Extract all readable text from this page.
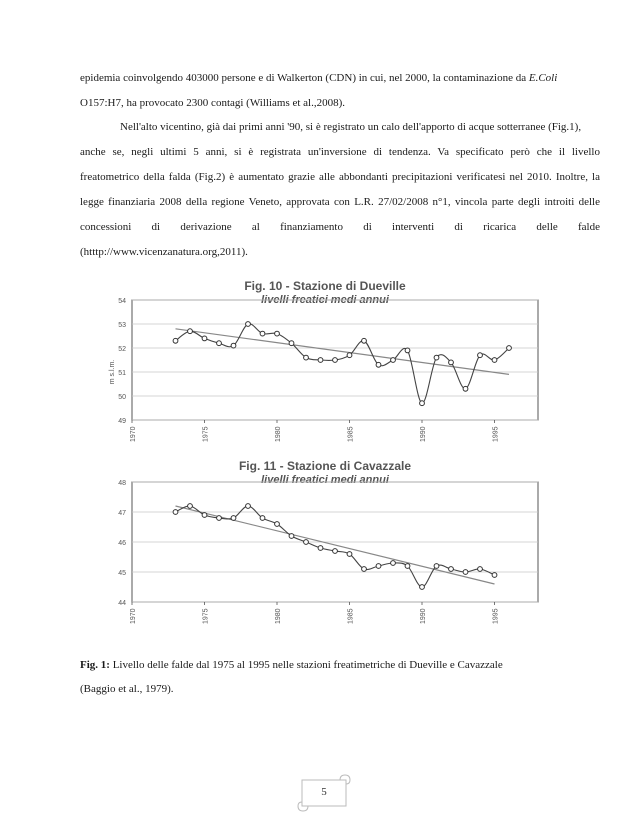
epidemia coinvolgendo 403000 persone e di Walkerton (CDN) in cui, nel 2000, la contaminazione da E.Coli
O157:H7, ha provocato 2300 contagi (Williams et al.,2008).
Nell'alto vicentino, già dai primi anni '90, si è registrato un calo dell'apporto di acque sotterranee (Fig.1),
anche se, negli ultimi 5 anni, si è registrata un'inversione di tendenza. Va specificato però che il livello
freatometrico della falda (Fig.2) è aumentato grazie alle abbondanti precipitazioni verificatesi nel 2010. Inoltre, la
legge finanziaria 2008 della regione Veneto, approvata con L.R. 27/02/2008 n°1, vincola parte degli introiti delle
concessioni di derivazione al finanziamento di interventi di ricarica delle falde
(htttp://www.vicenzanatura.org,2011).
Fig. 10 - Stazione di Dueville
livelli freatici medi annui
m s.l.m.
54
53
52
51
50
49
1970	1975	1980	1985	1990	1995
Fig. 11 - Stazione di Cavazzale
livelli freatici medi annui
48
47
46
45
44
1970	1975	1980	1985	1990	1995
Fig. 1: Livello delle falde dal 1975 al 1995 nelle stazioni freatimetriche di Dueville e Cavazzale
(Baggio et al., 1979).
5
